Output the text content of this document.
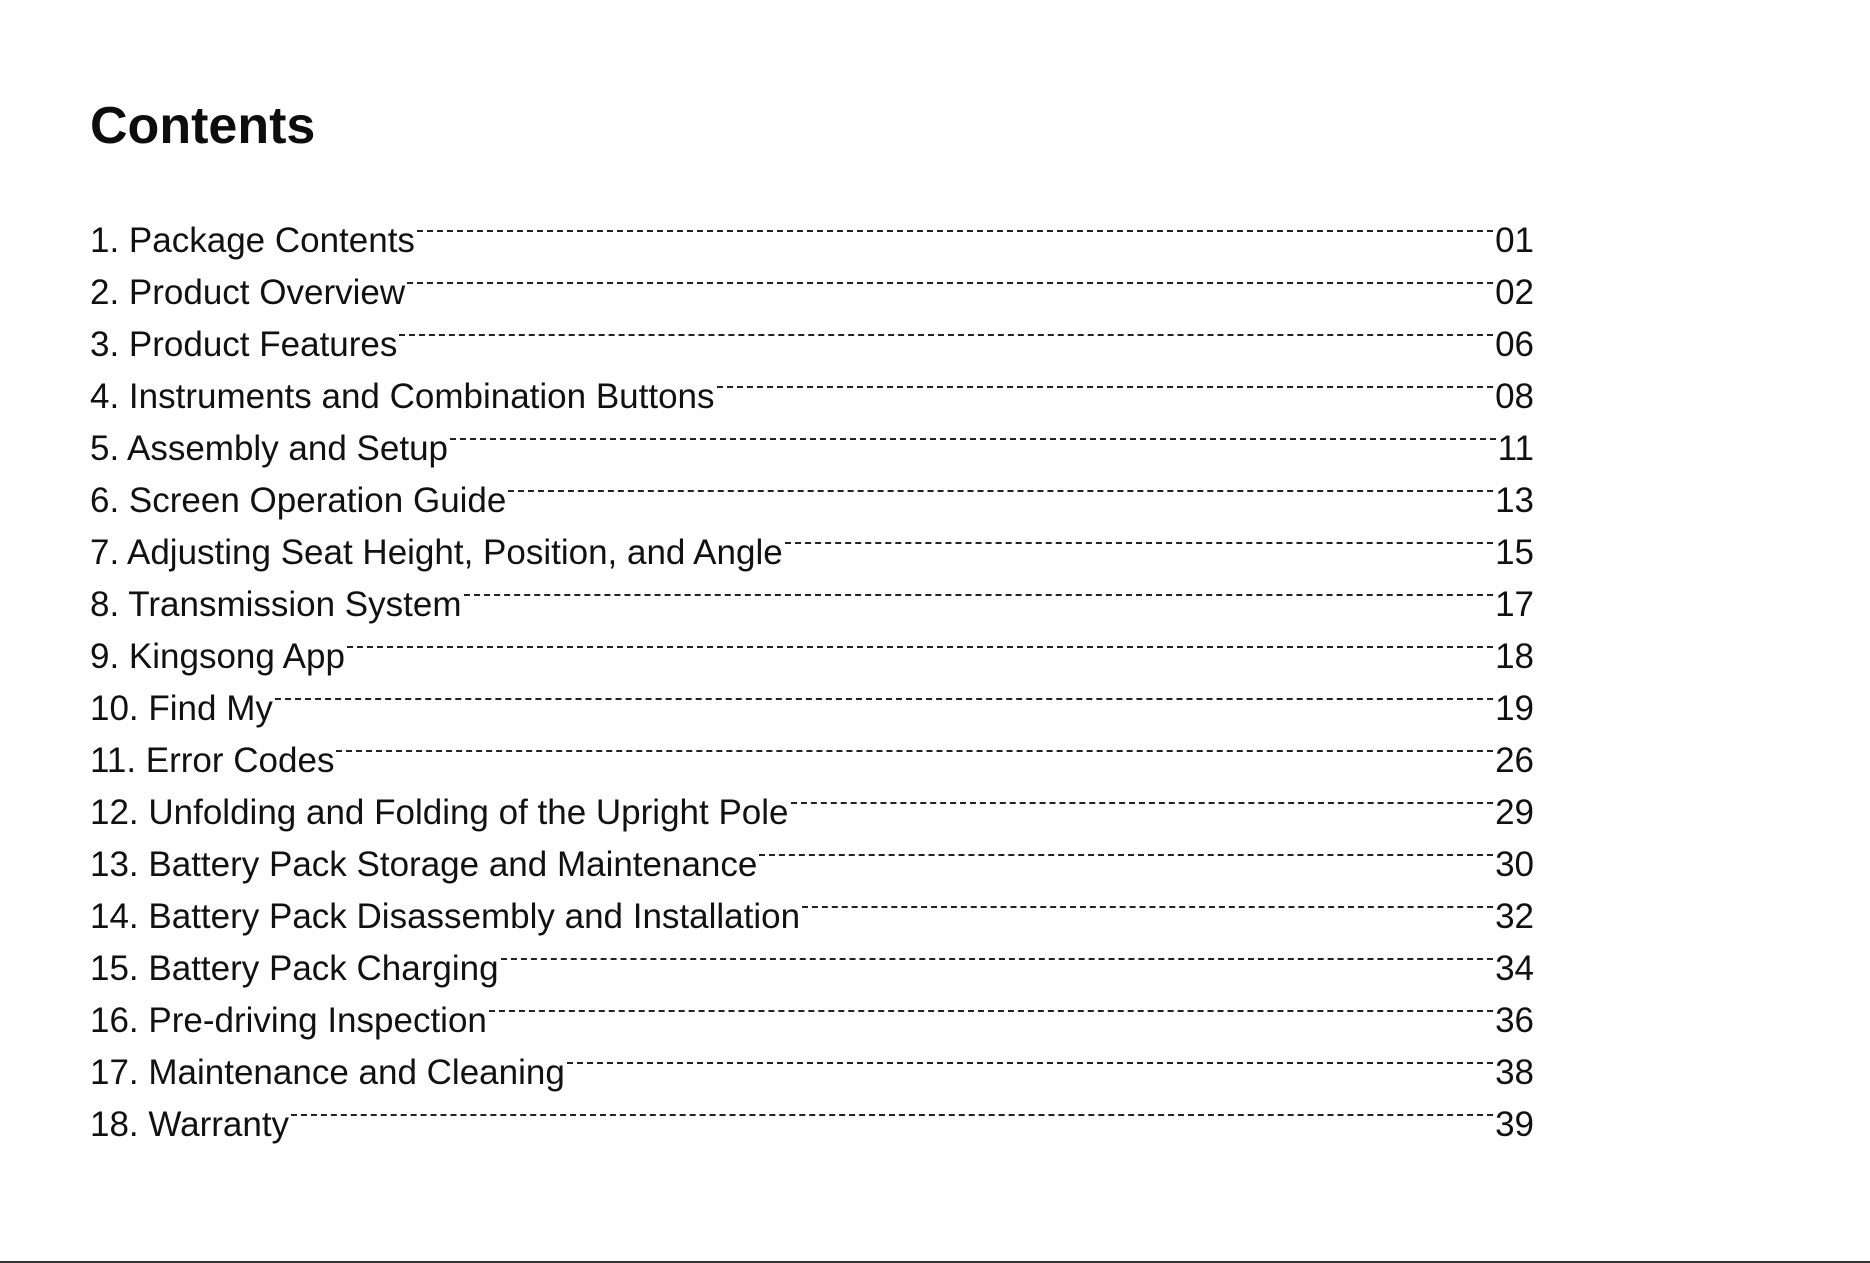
Contents
1. Package Contents	01
2. Product Overview	02
3. Product Features	06
4. Instruments and Combination Buttons	08
5. Assembly and Setup	11
6. Screen Operation Guide	13
7. Adjusting Seat Height, Position, and Angle	15
8. Transmission System	17
9. Kingsong App	18
10. Find My	19
11. Error Codes	26
12. Unfolding and Folding of the Upright Pole	29
13. Battery Pack Storage and Maintenance	30
14. Battery Pack Disassembly and Installation	32
15. Battery Pack Charging	34
16. Pre-driving Inspection	36
17. Maintenance and Cleaning	38
18. Warranty	39
